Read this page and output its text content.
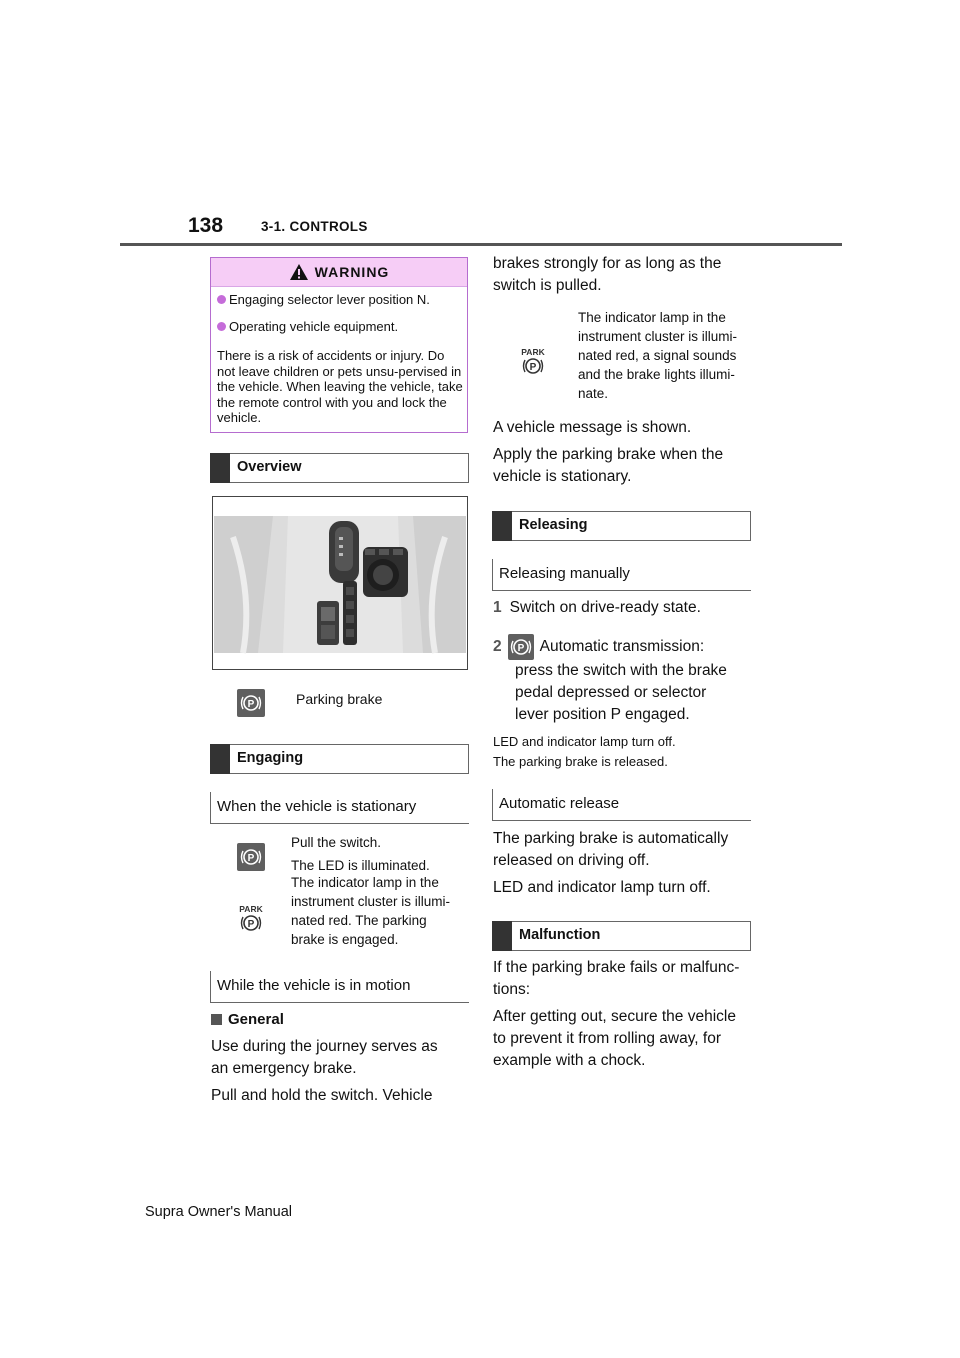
138	3-1. CONTROLS
WARNING
Engaging selector lever position N.
Operating vehicle equipment.
There is a risk of accidents or injury. Do not leave children or pets unsu-pervised in the vehicle. When leaving the vehicle, take the remote control with you and lock the vehicle.
Overview
P	Parking brake
Engaging
When the vehicle is stationary
P
PARK
P
Pull the switch.
The LED is illuminated.
The indicator lamp in the
instrument cluster is illumi-
nated red. The parking
brake is engaged.
While the vehicle is in motion
General
Use during the journey serves as
an emergency brake.
Pull and hold the switch. Vehicle
brakes strongly for as long as the
switch is pulled.
PARK
P
The indicator lamp in the
instrument cluster is illumi-
nated red, a signal sounds
and the brake lights illumi-
nate.
A vehicle message is shown.
Apply the parking brake when the
vehicle is stationary.
Releasing
Releasing manually
1 Switch on drive-ready state.
2 P Automatic transmission:
press the switch with the brake
pedal depressed or selector
lever position P engaged.
LED and indicator lamp turn off.
The parking brake is released.
Automatic release
The parking brake is automatically
released on driving off.
LED and indicator lamp turn off.
Malfunction
If the parking brake fails or malfunc-
tions:
After getting out, secure the vehicle
to prevent it from rolling away, for
example with a chock.
Supra Owner's Manual
